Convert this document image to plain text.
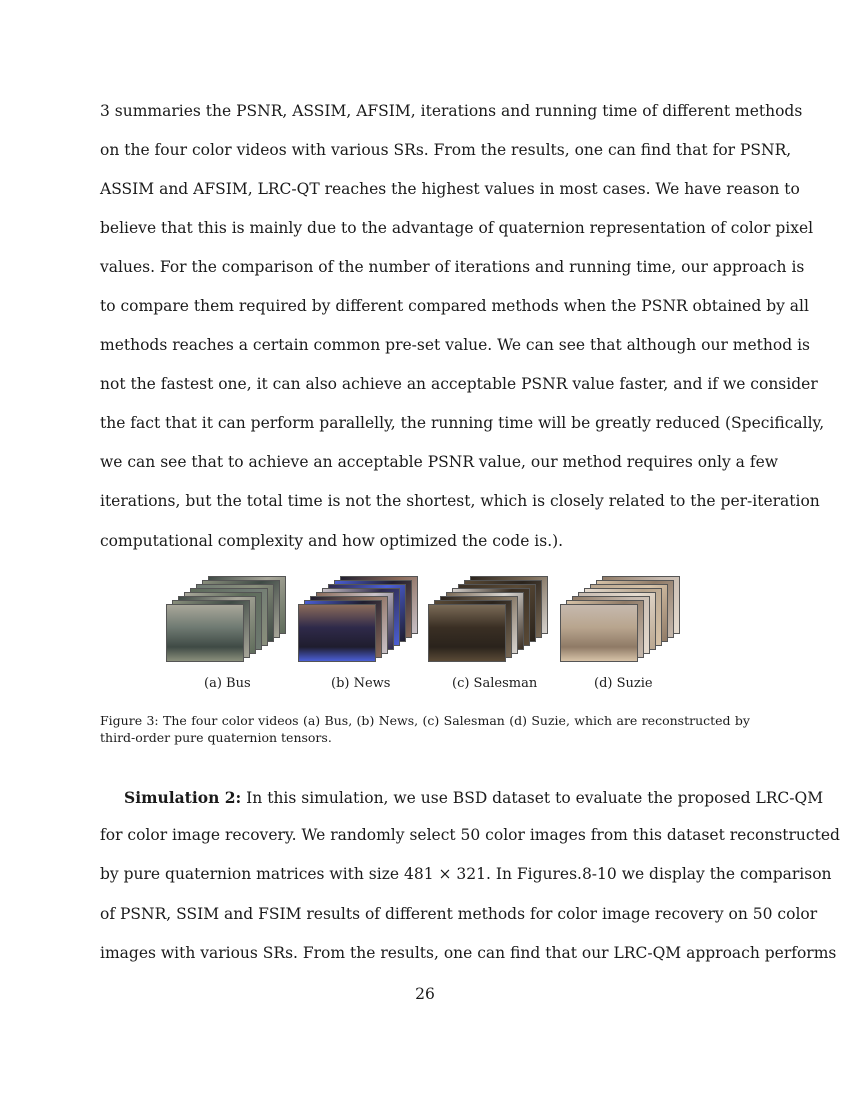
3 summaries the PSNR, ASSIM, AFSIM, iterations and running time of different methods
on the four color videos with various SRs. From the results, one can find that for PSNR,
ASSIM and AFSIM, LRC-QT reaches the highest values in most cases. We have reason to
believe that this is mainly due to the advantage of quaternion representation of color pixel
values. For the comparison of the number of iterations and running time, our approach is
to compare them required by different compared methods when the PSNR obtained by all
methods reaches a certain common pre-set value. We can see that although our method is
not the fastest one, it can also achieve an acceptable PSNR value faster, and if we consider
the fact that it can perform parallelly, the running time will be greatly reduced (Specifically,
we can see that to achieve an acceptable PSNR value, our method requires only a few
iterations, but the total time is not the shortest, which is closely related to the per-iteration
computational complexity and how optimized the code is.).
(a) Bus	(b) News	(c) Salesman	(d) Suzie
Figure 3: The four color videos (a) Bus, (b) News, (c) Salesman (d) Suzie, which are reconstructed by
third-order pure quaternion tensors.
Simulation 2: In this simulation, we use BSD dataset to evaluate the proposed LRC-QM
for color image recovery. We randomly select 50 color images from this dataset reconstructed
by pure quaternion matrices with size 481 × 321. In Figures.8-10 we display the comparison
of PSNR, SSIM and FSIM results of different methods for color image recovery on 50 color
images with various SRs. From the results, one can find that our LRC-QM approach performs
26
